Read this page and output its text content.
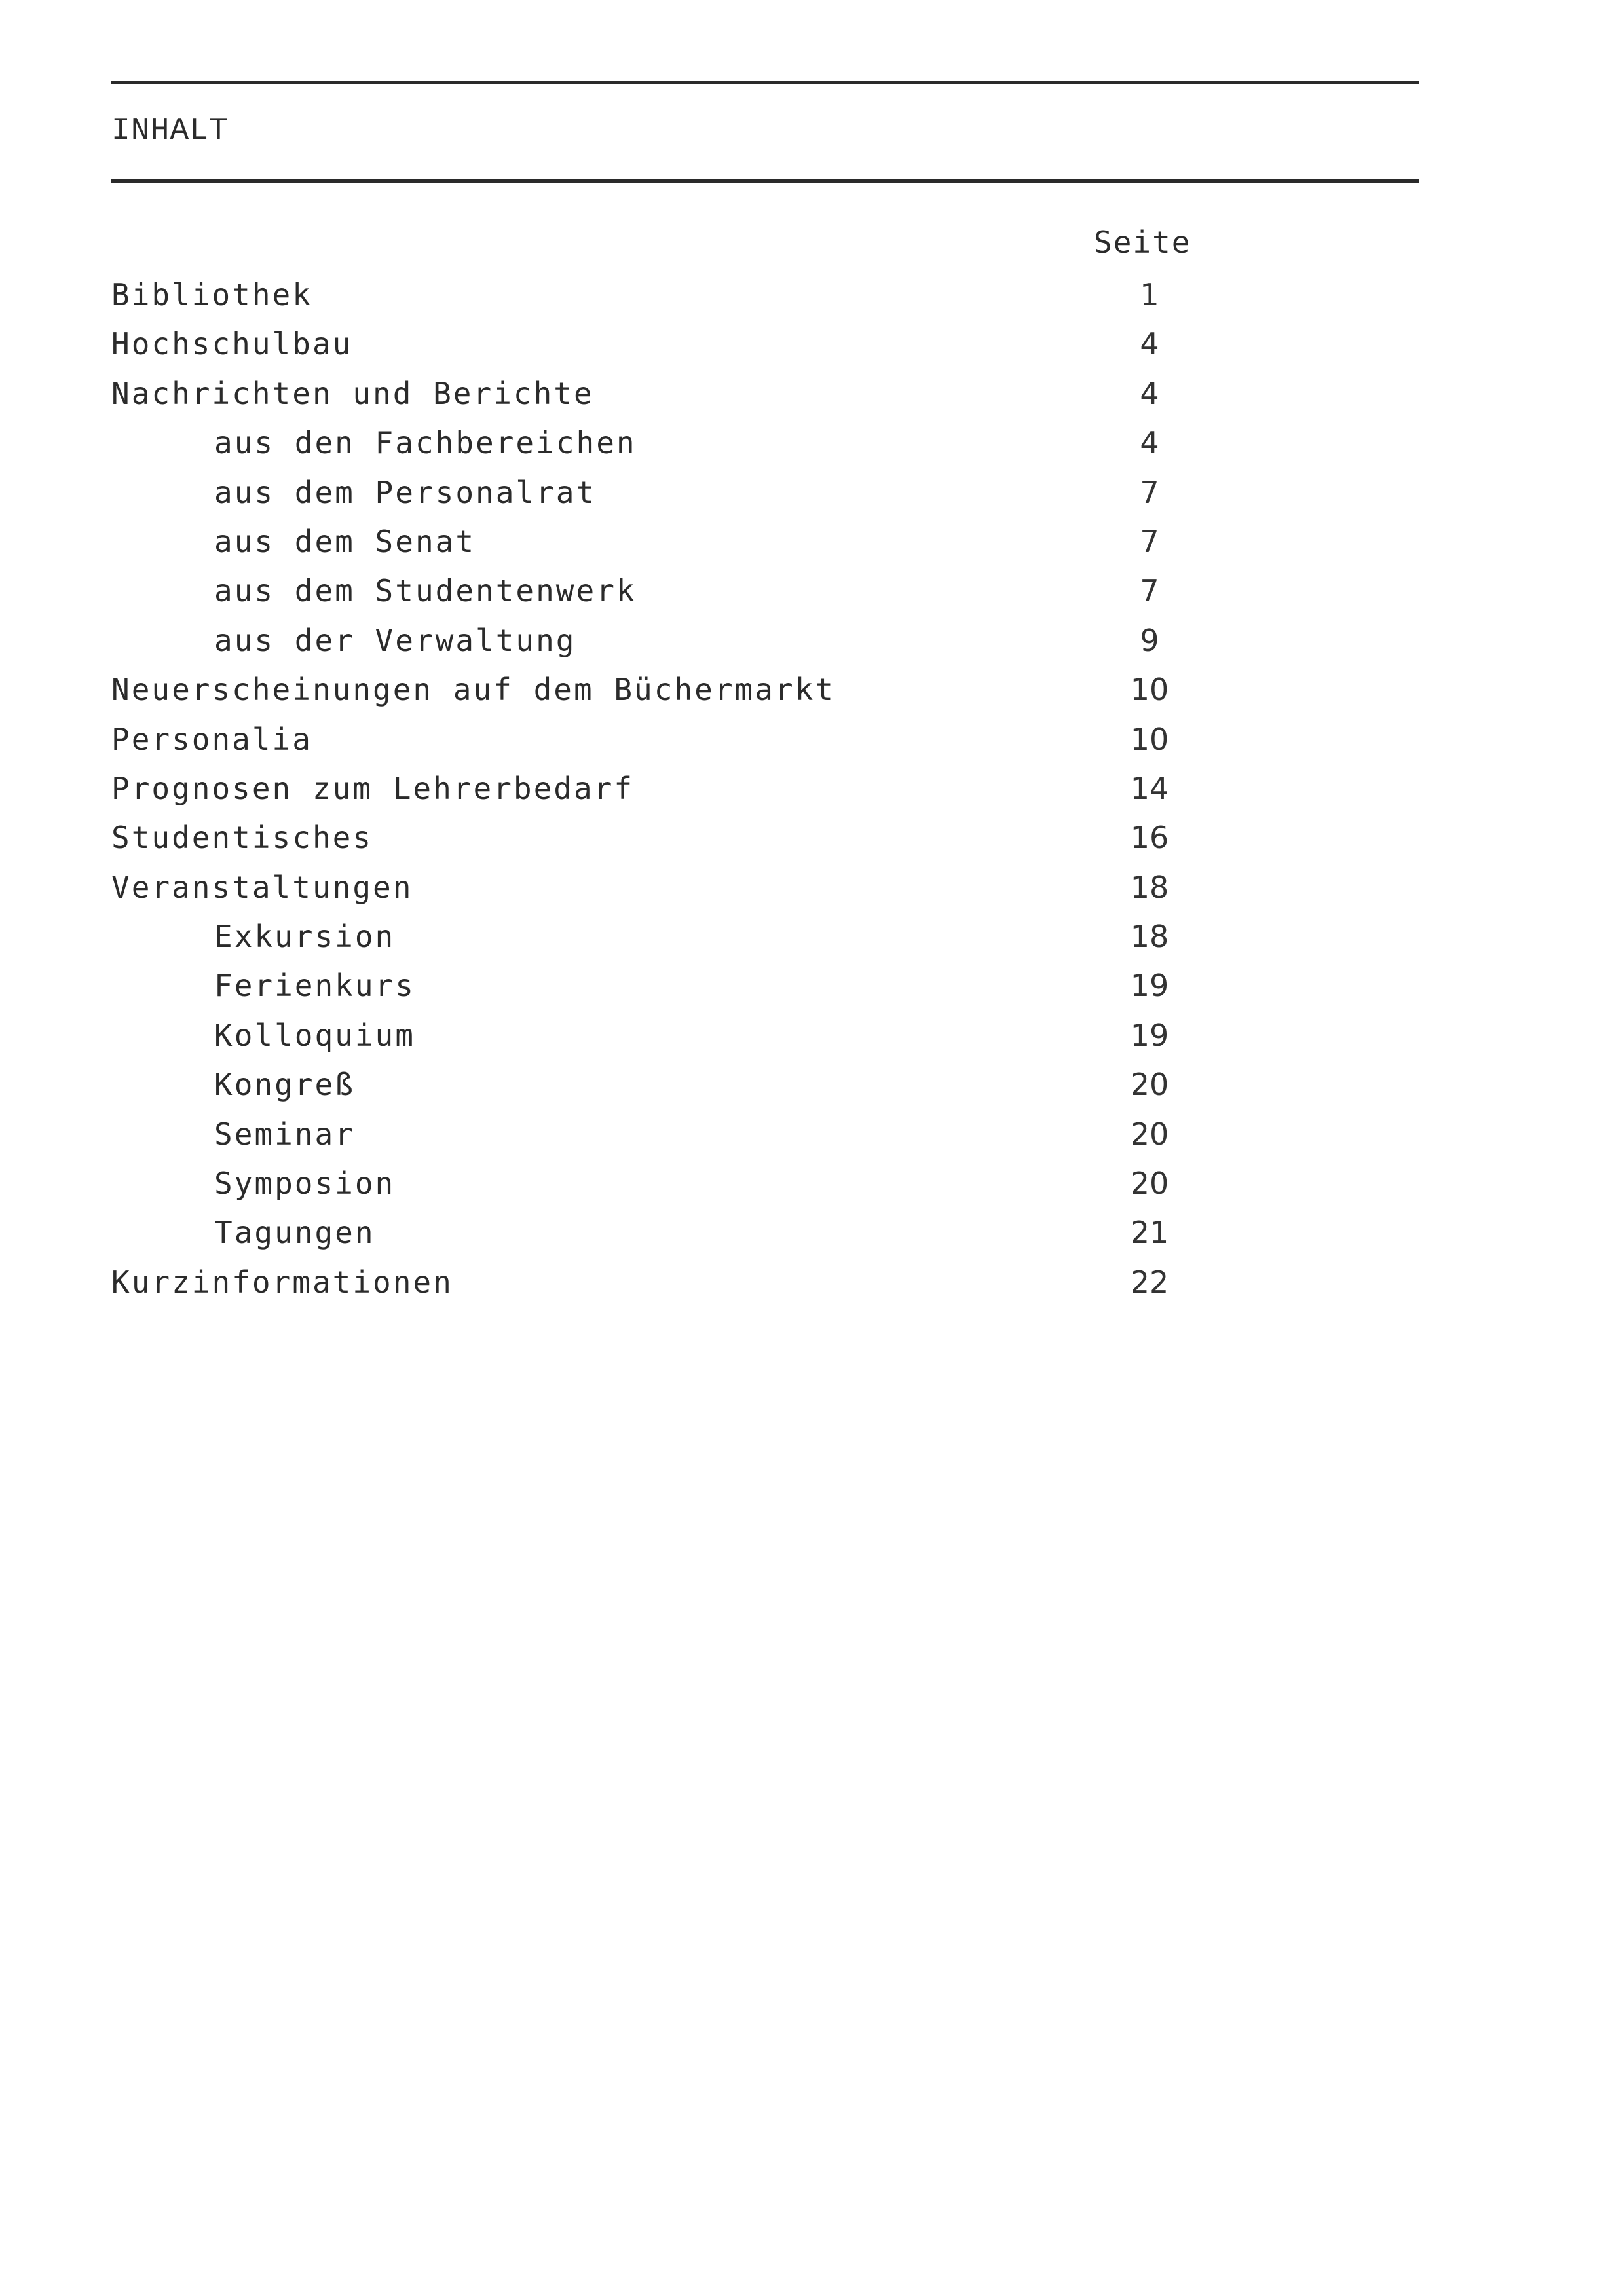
INHALT
Seite
Bibliothek	1
Hochschulbau	4
Nachrichten und Berichte	4
aus den Fachbereichen	4
aus dem Personalrat	7
aus dem Senat	7
aus dem Studentenwerk	7
aus der Verwaltung	9
Neuerscheinungen auf dem Büchermarkt	10
Personalia	10
Prognosen zum Lehrerbedarf	14
Studentisches	16
Veranstaltungen	18
Exkursion	18
Ferienkurs	19
Kolloquium	19
Kongreß	20
Seminar	20
Symposion	20
Tagungen	21
Kurzinformationen	22
